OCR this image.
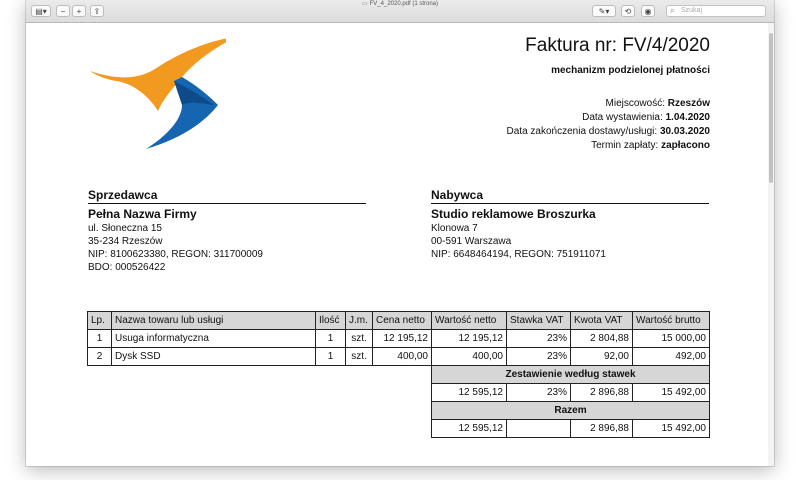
▤▾	−	+	⇪
▭ FV_4_2020.pdf (1 strona)
✎▾	⟲	◉	⌕ Szukaj
Faktura nr: FV/4/2020
mechanizm podzielonej płatności
Miejscowość: Rzeszów
Data wystawienia: 1.04.2020
Data zakończenia dostawy/usługi: 30.03.2020
Termin zapłaty: zapłacono
Sprzedawca
Pełna Nazwa Firmy
ul. Słoneczna 15
35-234 Rzeszów
NIP: 8100623380, REGON: 311700009
BDO: 000526422
Nabywca
Studio reklamowe Broszurka
Klonowa 7
00-591 Warszawa
NIP: 6648464194, REGON: 751911071
Lp.	Nazwa towaru lub usługi	Ilość	J.m.	Cena netto	Wartość netto	Stawka VAT	Kwota VAT	Wartość brutto
1	Usuga informatyczna	1	szt.	12 195,12	12 195,12	23%	2 804,88	15 000,00
2	Dysk SSD	1	szt.	400,00	400,00	23%	92,00	492,00
					Zestawienie według stawek			
					12 595,12	23%	2 896,88	15 492,00
					Razem			
					12 595,12		2 896,88	15 492,00
